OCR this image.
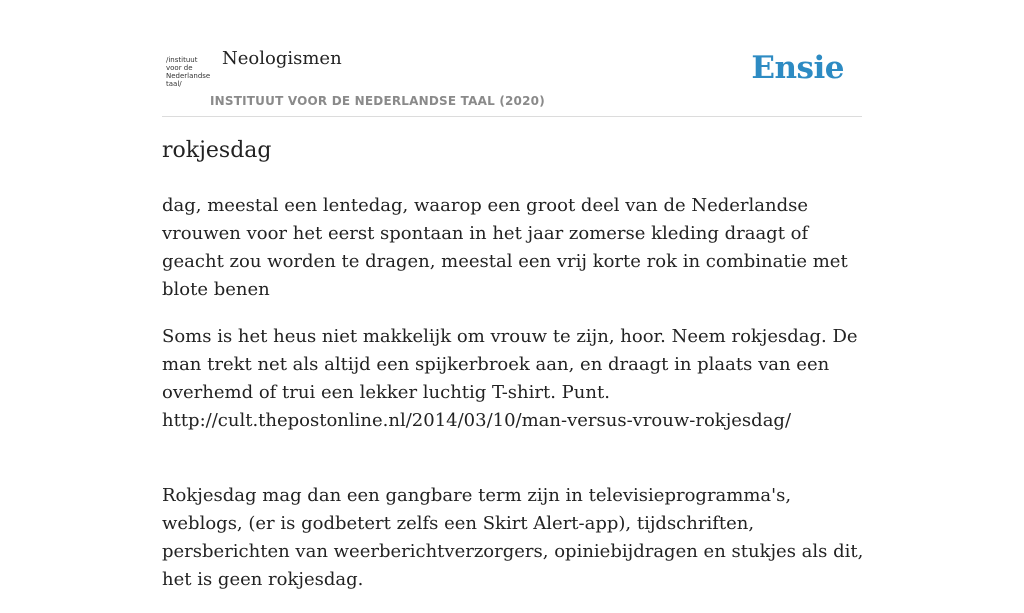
/instituut
voor de
Nederlandse
taal/
Neologismen
INSTITUUT VOOR DE NEDERLANDSE TAAL (2020)
Ensie
rokjesdag

dag, meestal een lentedag, waarop een groot deel van de Nederlandse vrouwen voor het eerst spontaan in het jaar zomerse kleding draagt of geacht zou worden te dragen, meestal een vrij korte rok in combinatie met blote benen

Soms is het heus niet makkelijk om vrouw te zijn, hoor. Neem rokjesdag. De man trekt net als altijd een spijkerbroek aan, en draagt in plaats van een overhemd of trui een lekker luchtig T-shirt. Punt.
http://cult.thepostonline.nl/2014/03/10/man-versus-vrouw-rokjesdag/

Rokjesdag mag dan een gangbare term zijn in televisieprogramma's, weblogs, (er is godbetert zelfs een Skirt Alert-app), tijdschriften, persberichten van weerberichtverzorgers, opiniebijdragen en stukjes als dit, het is geen rokjesdag.
